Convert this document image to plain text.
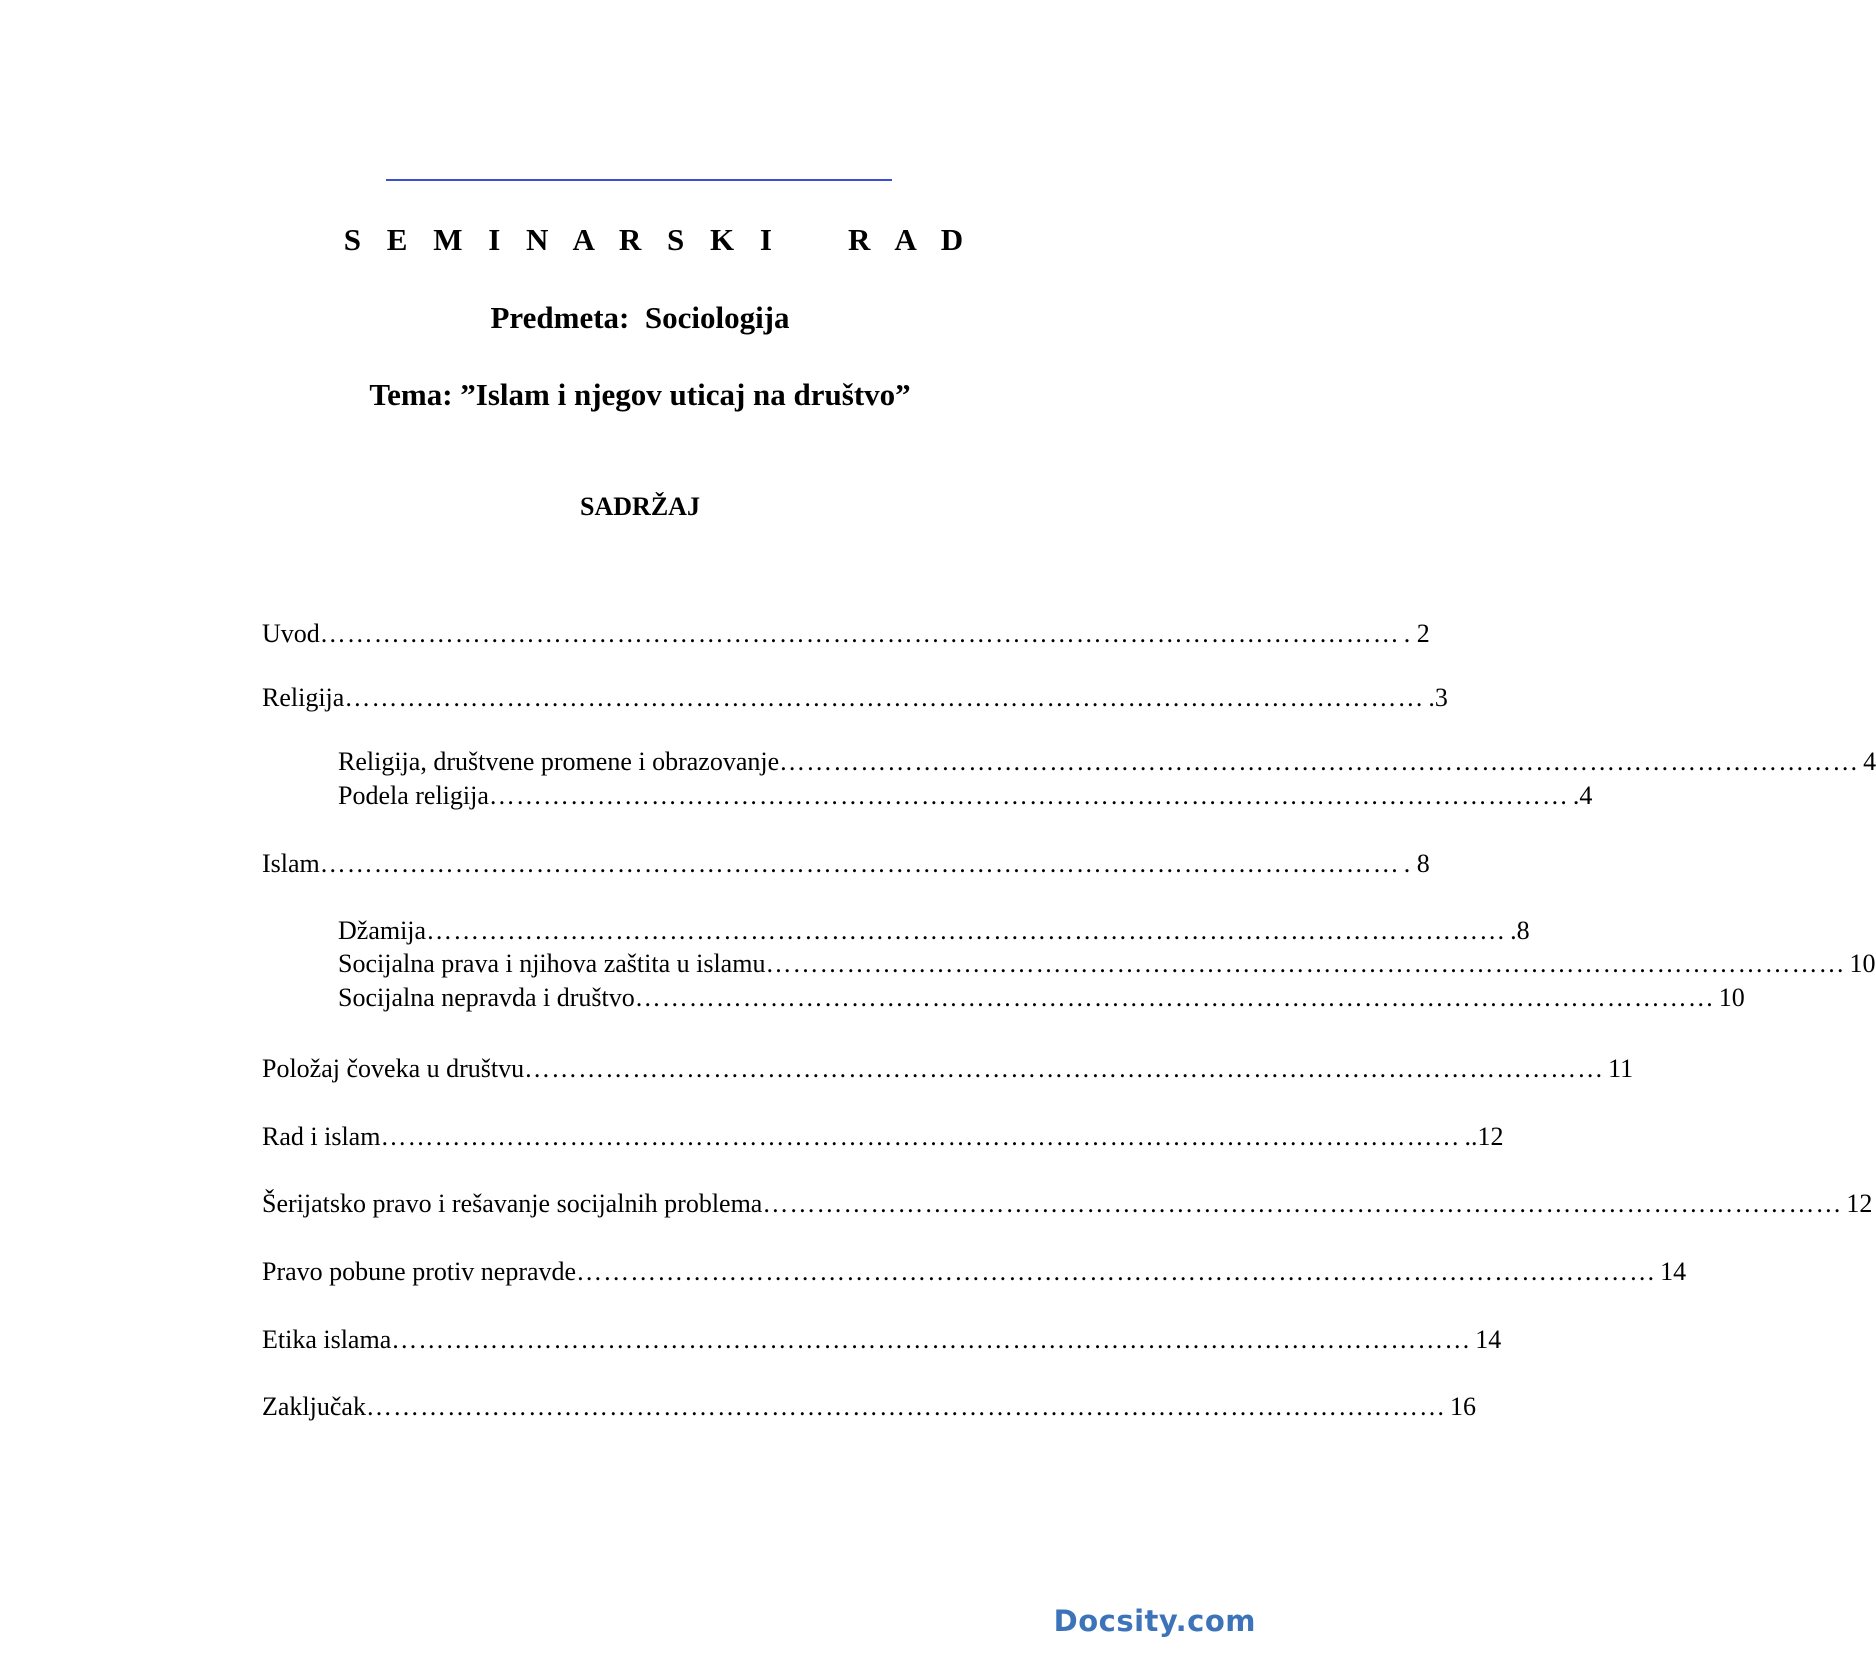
S E M I N A R S K I    R A D
Predmeta:  Sociologija
Tema: ”Islam i njegov uticaj na društvo”
SADRŽAJ
Uvod ………………………………………………………………………………………………………… . 2
Religija ………………………………………………………………………………………………………… .3
Religija, društvene promene i obrazovanje ………………………………………………………………………………………………………… 4
Podela religija ………………………………………………………………………………………………………… .4
Islam ………………………………………………………………………………………………………… . 8
Džamija ………………………………………………………………………………………………………… .8
Socijalna prava i njihova zaštita u islamu ………………………………………………………………………………………………………… 10
Socijalna nepravda i društvo ………………………………………………………………………………………………………… 10
Položaj čoveka u društvu ………………………………………………………………………………………………………… 11
Rad i islam ………………………………………………………………………………………………………… ..12
Šerijatsko pravo i rešavanje socijalnih problema ………………………………………………………………………………………………………… 12
Pravo pobune protiv nepravde ………………………………………………………………………………………………………… 14
Etika islama ………………………………………………………………………………………………………… 14
Zaključak ………………………………………………………………………………………………………… 16
Docsity.com
